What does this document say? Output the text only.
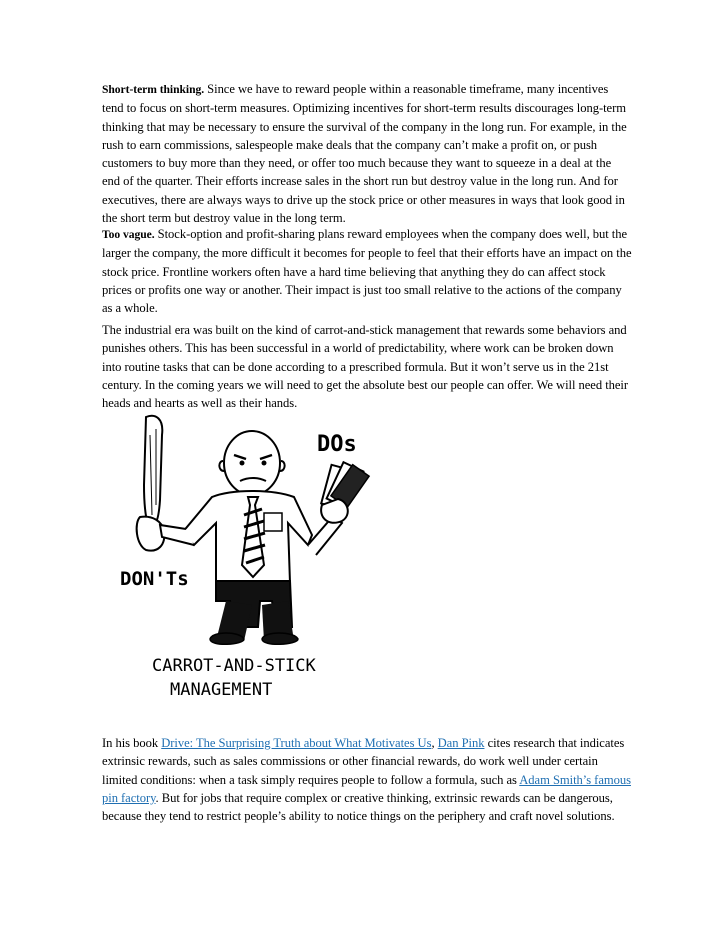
Short-term thinking. Since we have to reward people within a reasonable timeframe, many incentives tend to focus on short-term measures. Optimizing incentives for short-term results discourages long-term thinking that may be necessary to ensure the survival of the company in the long run. For example, in the rush to earn commissions, salespeople make deals that the company can’t make a profit on, or push customers to buy more than they need, or offer too much because they want to squeeze in a deal at the end of the quarter. Their efforts increase sales in the short run but destroy value in the long run. And for executives, there are always ways to drive up the stock price or other measures in ways that look good in the short term but destroy value in the long term.

Too vague. Stock-option and profit-sharing plans reward employees when the company does well, but the larger the company, the more difficult it becomes for people to feel that their efforts have an impact on the stock price. Frontline workers often have a hard time believing that anything they do can affect stock prices or profits one way or another. Their impact is just too small relative to the actions of the company as a whole.

The industrial era was built on the kind of carrot-and-stick management that rewards some behaviors and punishes others. This has been successful in a world of predictability, where work can be broken down into routine tasks that can be done according to a prescribed formula. But it won’t serve us in the 21st century. In the coming years we will need to get the absolute best our people can offer. We will need their heads and hearts as well as their hands.

DOs
DON'Ts
CARROT-AND-STICK
MANAGEMENT

In his book Drive: The Surprising Truth about What Motivates Us, Dan Pink cites research that indicates extrinsic rewards, such as sales commissions or other financial rewards, do work well under certain limited conditions: when a task simply requires people to follow a formula, such as Adam Smith’s famous pin factory. But for jobs that require complex or creative thinking, extrinsic rewards can be dangerous, because they tend to restrict people’s ability to notice things on the periphery and craft novel solutions.
